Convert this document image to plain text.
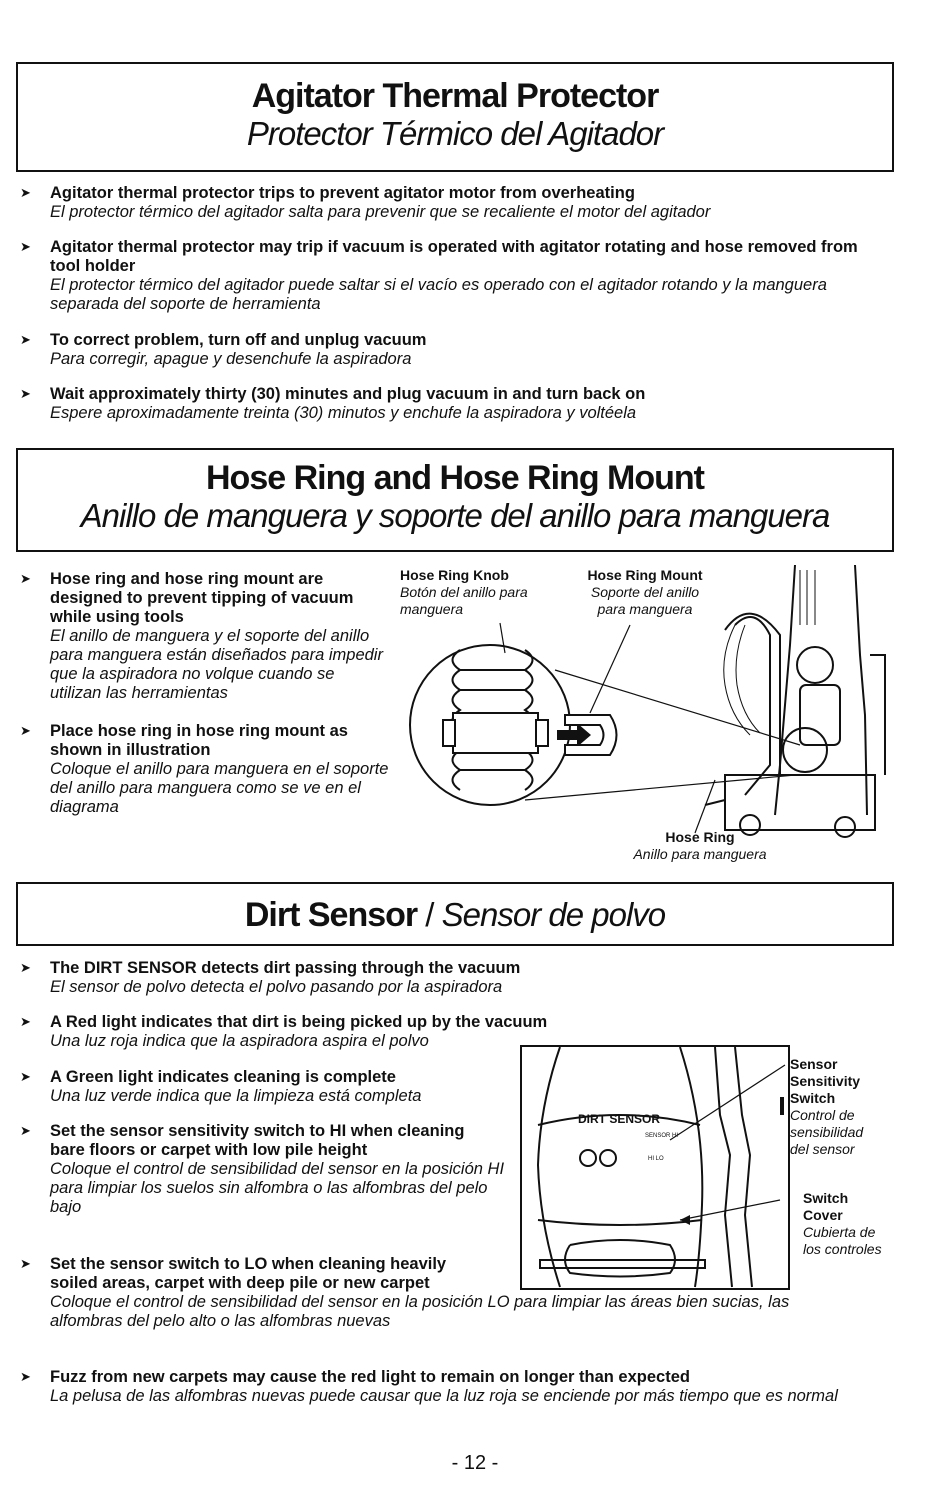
Agitator Thermal Protector
Protector Térmico del Agitador
➤ Agitator thermal protector trips to prevent agitator motor from overheating
El protector térmico del agitador salta para prevenir que se recaliente el motor del agitador
➤ Agitator thermal protector may trip if vacuum is operated with agitator rotating and hose removed from tool holder
El protector térmico del agitador puede saltar si el vacío es operado con el agitador rotando y la manguera separada del soporte de herramienta
➤ To correct problem, turn off and unplug vacuum
Para corregir, apague y desenchufe la aspiradora
➤ Wait approximately thirty (30) minutes and plug vacuum in and turn back on
Espere aproximadamente treinta (30) minutos y enchufe la aspiradora y voltéela
Hose Ring and Hose Ring Mount
Anillo de manguera y soporte del anillo para manguera
➤ Hose ring and hose ring mount are designed to prevent tipping of vacuum while using tools
El anillo de manguera y el soporte del anillo para manguera están diseñados para impedir que la aspiradora no volque cuando se utilizan las herramientas
➤ Place hose ring in hose ring mount as shown in illustration
Coloque el anillo para manguera en el soporte del anillo para manguera como se ve en el diagrama
Hose Ring Knob
Botón del anillo para manguera
Hose Ring Mount
Soporte del anillo para manguera
Hose Ring
Anillo para manguera
Dirt Sensor / Sensor de polvo
➤ The DIRT SENSOR detects dirt passing through the vacuum
El sensor de polvo detecta el polvo pasando por la aspiradora
➤ A Red light indicates that dirt is being picked up by the vacuum
Una luz roja indica que la aspiradora aspira el polvo
➤ A Green light indicates cleaning is complete
Una luz verde indica que la limpieza está completa
➤ Set the sensor sensitivity switch to HI when cleaning bare floors or carpet with low pile height
Coloque el control de sensibilidad del sensor en la posición HI para limpiar los suelos sin alfombra o las alfombras del pelo bajo
➤ Set the sensor switch to LO when cleaning heavily soiled areas, carpet with deep pile or new carpet
Coloque el control de sensibilidad del sensor en la posición LO para limpiar las áreas bien sucias, las alfombras del pelo alto o las alfombras nuevas
➤ Fuzz from new carpets may cause the red light to remain on longer than expected
La pelusa de las alfombras nuevas puede causar que la luz roja se enciende por más tiempo que es normal
DIRT SENSOR
SENSOR HI
HI LO
Sensor Sensitivity Switch
Control de sensibilidad del sensor
Switch Cover
Cubierta de los controles
- 12 -
